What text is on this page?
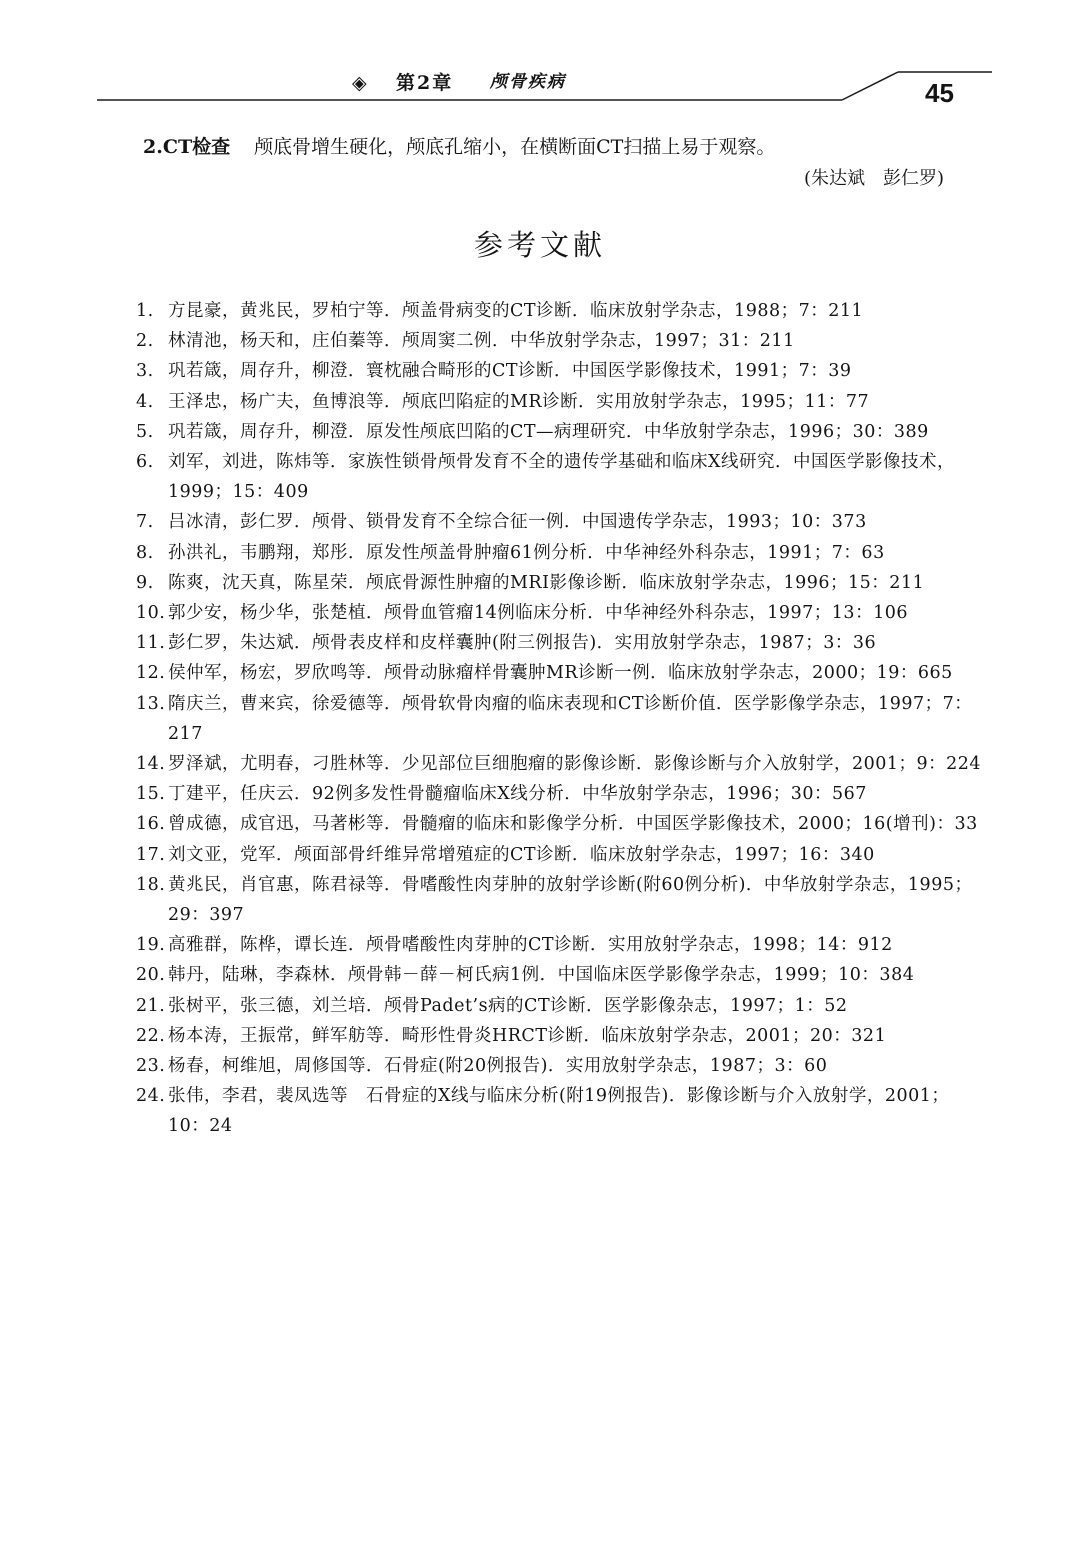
◈ 第2章 颅骨疾病	45
2.CT检查 颅底骨增生硬化，颅底孔缩小，在横断面CT扫描上易于观察。
(朱达斌　彭仁罗)
参考文献
1. 方昆豪，黄兆民，罗柏宁等．颅盖骨病变的CT诊断．临床放射学杂志，1988；7：211
2. 林清池，杨天和，庄伯蓁等．颅周窦二例．中华放射学杂志，1997；31：211
3. 巩若箴，周存升，柳澄．寰枕融合畸形的CT诊断．中国医学影像技术，1991；7：39
4. 王泽忠，杨广夫，鱼博浪等．颅底凹陷症的MR诊断．实用放射学杂志，1995；11：77
5. 巩若箴，周存升，柳澄．原发性颅底凹陷的CT—病理研究．中华放射学杂志，1996；30：389
6. 刘军，刘进，陈炜等．家族性锁骨颅骨发育不全的遗传学基础和临床X线研究．中国医学影像技术，1999；15：409
7. 吕冰清，彭仁罗．颅骨、锁骨发育不全综合征一例．中国遗传学杂志，1993；10：373
8. 孙洪礼，韦鹏翔，郑彤．原发性颅盖骨肿瘤61例分析．中华神经外科杂志，1991；7：63
9. 陈爽，沈天真，陈星荣．颅底骨源性肿瘤的MRI影像诊断．临床放射学杂志，1996；15：211
10. 郭少安，杨少华，张楚植．颅骨血管瘤14例临床分析．中华神经外科杂志，1997；13：106
11. 彭仁罗，朱达斌．颅骨表皮样和皮样囊肿(附三例报告)．实用放射学杂志，1987；3：36
12. 侯仲军，杨宏，罗欣鸣等．颅骨动脉瘤样骨囊肿MR诊断一例．临床放射学杂志，2000；19：665
13. 隋庆兰，曹来宾，徐爱德等．颅骨软骨肉瘤的临床表现和CT诊断价值．医学影像学杂志，1997；7：217
14. 罗泽斌，尤明春，刁胜林等．少见部位巨细胞瘤的影像诊断．影像诊断与介入放射学，2001；9：224
15. 丁建平，任庆云．92例多发性骨髓瘤临床X线分析．中华放射学杂志，1996；30：567
16. 曾成德，成官迅，马著彬等．骨髓瘤的临床和影像学分析．中国医学影像技术，2000；16(增刊)：33
17. 刘文亚，党军．颅面部骨纤维异常增殖症的CT诊断．临床放射学杂志，1997；16：340
18. 黄兆民，肖官惠，陈君禄等．骨嗜酸性肉芽肿的放射学诊断(附60例分析)．中华放射学杂志，1995；29：397
19. 高雅群，陈桦，谭长连．颅骨嗜酸性肉芽肿的CT诊断．实用放射学杂志，1998；14：912
20. 韩丹，陆琳，李森林．颅骨韩－薛－柯氏病1例．中国临床医学影像学杂志，1999；10：384
21. 张树平，张三德，刘兰培．颅骨Padet’s病的CT诊断．医学影像杂志，1997；1：52
22. 杨本涛，王振常，鲜军舫等．畸形性骨炎HRCT诊断．临床放射学杂志，2001；20：321
23. 杨春，柯维旭，周修国等．石骨症(附20例报告)．实用放射学杂志，1987；3：60
24. 张伟，李君，裴凤选等　石骨症的X线与临床分析(附19例报告)．影像诊断与介入放射学，2001；10：24
